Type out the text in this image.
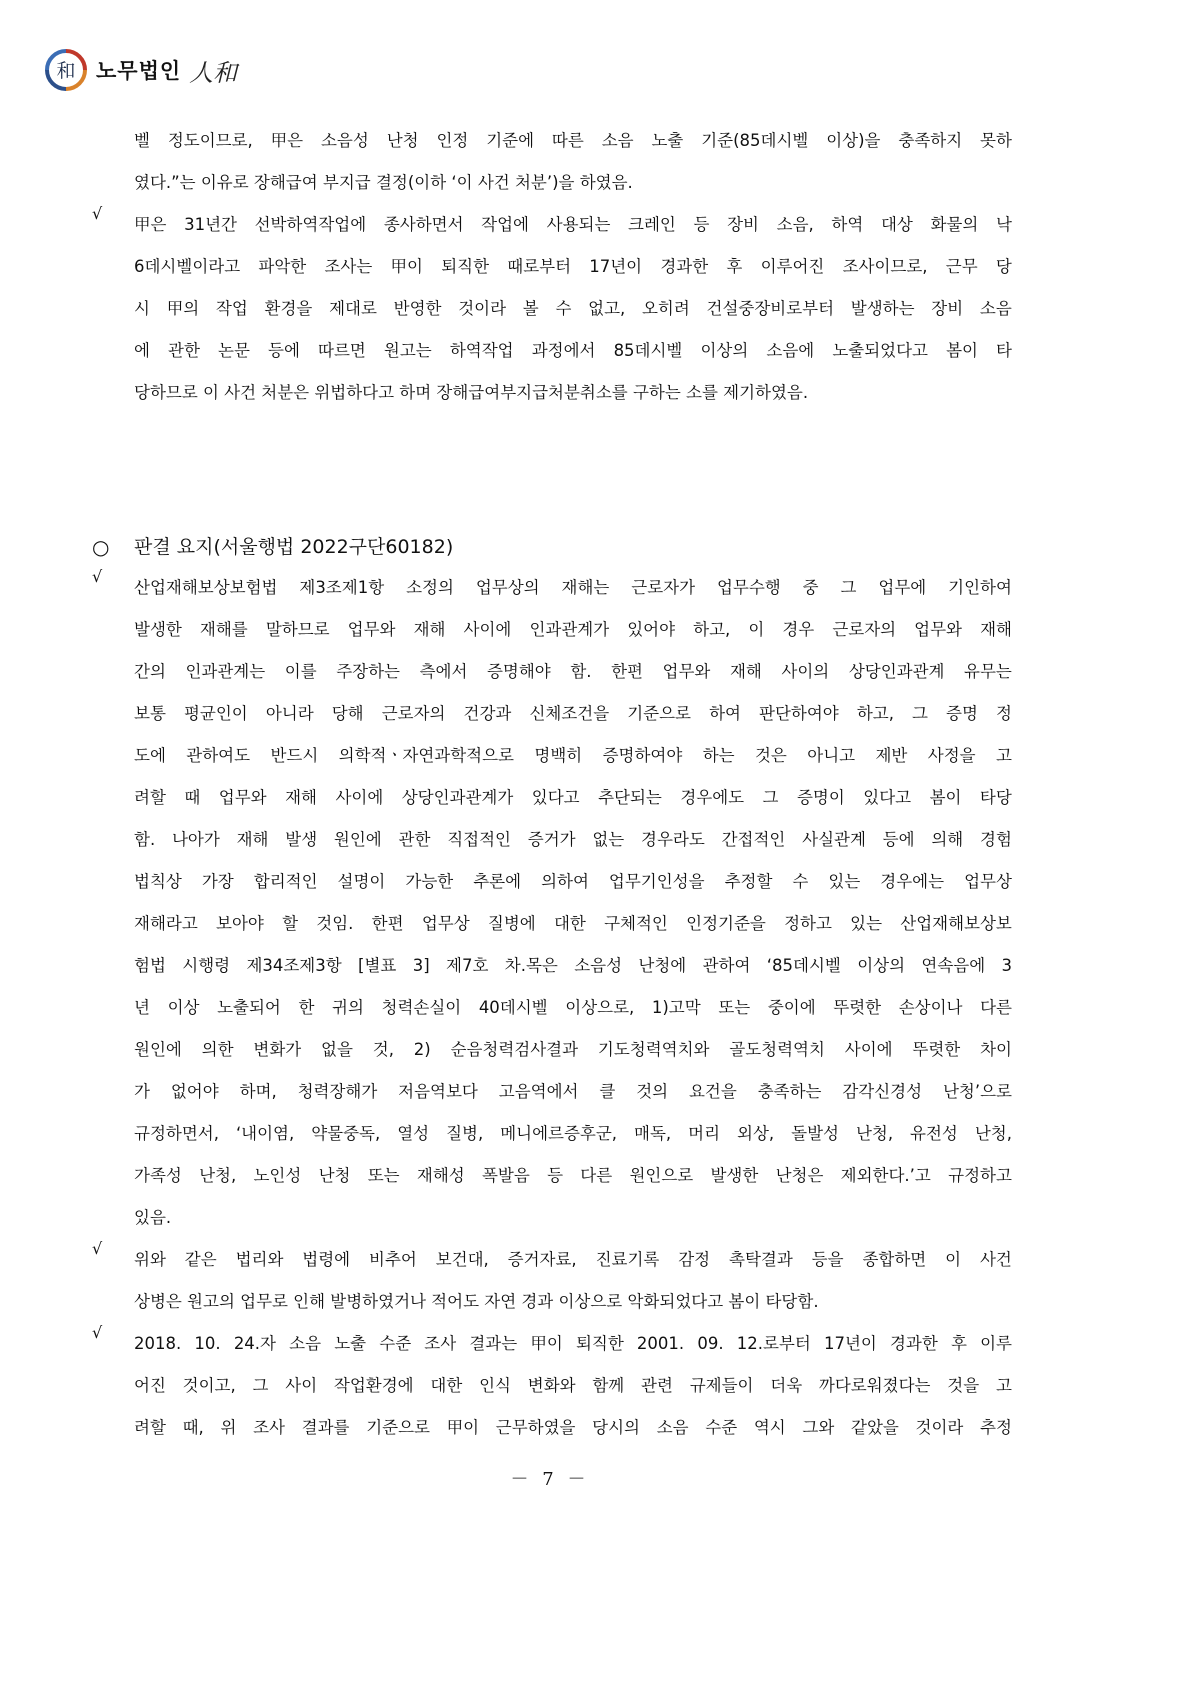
和 노무법인 人和
벨 정도이므로, 甲은 소음성 난청 인정 기준에 따른 소음 노출 기준(85데시벨 이상)을 충족하지 못하
였다.”는 이유로 장해급여 부지급 결정(이하 ‘이 사건 처분’)을 하였음.
√
甲은 31년간 선박하역작업에 종사하면서 작업에 사용되는 크레인 등 장비 소음, 하역 대상 화물의 낙
6데시벨이라고 파악한 조사는 甲이 퇴직한 때로부터 17년이 경과한 후 이루어진 조사이므로, 근무 당
시 甲의 작업 환경을 제대로 반영한 것이라 볼 수 없고, 오히려 건설중장비로부터 발생하는 장비 소음
에 관한 논문 등에 따르면 원고는 하역작업 과정에서 85데시벨 이상의 소음에 노출되었다고 봄이 타
당하므로 이 사건 처분은 위법하다고 하며 장해급여부지급처분취소를 구하는 소를 제기하였음.
○	판결 요지(서울행법 2022구단60182)
√
산업재해보상보험법 제3조제1항 소정의 업무상의 재해는 근로자가 업무수행 중 그 업무에 기인하여
발생한 재해를 말하므로 업무와 재해 사이에 인과관계가 있어야 하고, 이 경우 근로자의 업무와 재해
간의 인과관계는 이를 주장하는 측에서 증명해야 함. 한편 업무와 재해 사이의 상당인과관계 유무는
보통 평균인이 아니라 당해 근로자의 건강과 신체조건을 기준으로 하여 판단하여야 하고, 그 증명 정
도에 관하여도 반드시 의학적ㆍ자연과학적으로 명백히 증명하여야 하는 것은 아니고 제반 사정을 고
려할 때 업무와 재해 사이에 상당인과관계가 있다고 추단되는 경우에도 그 증명이 있다고 봄이 타당
함. 나아가 재해 발생 원인에 관한 직접적인 증거가 없는 경우라도 간접적인 사실관계 등에 의해 경험
법칙상 가장 합리적인 설명이 가능한 추론에 의하여 업무기인성을 추정할 수 있는 경우에는 업무상
재해라고 보아야 할 것임. 한편 업무상 질병에 대한 구체적인 인정기준을 정하고 있는 산업재해보상보
험법 시행령 제34조제3항 [별표 3] 제7호 차.목은 소음성 난청에 관하여 ‘85데시벨 이상의 연속음에 3
년 이상 노출되어 한 귀의 청력손실이 40데시벨 이상으로, 1)고막 또는 중이에 뚜렷한 손상이나 다른
원인에 의한 변화가 없을 것, 2) 순음청력검사결과 기도청력역치와 골도청력역치 사이에 뚜렷한 차이
가 없어야 하며, 청력장해가 저음역보다 고음역에서 클 것의 요건을 충족하는 감각신경성 난청’으로
규정하면서, ‘내이염, 약물중독, 열성 질병, 메니에르증후군, 매독, 머리 외상, 돌발성 난청, 유전성 난청,
가족성 난청, 노인성 난청 또는 재해성 폭발음 등 다른 원인으로 발생한 난청은 제외한다.’고 규정하고
있음.
√
위와 같은 법리와 법령에 비추어 보건대, 증거자료, 진료기록 감정 촉탁결과 등을 종합하면 이 사건
상병은 원고의 업무로 인해 발병하였거나 적어도 자연 경과 이상으로 악화되었다고 봄이 타당함.
√
2018. 10. 24.자 소음 노출 수준 조사 결과는 甲이 퇴직한 2001. 09. 12.로부터 17년이 경과한 후 이루
어진 것이고, 그 사이 작업환경에 대한 인식 변화와 함께 관련 규제들이 더욱 까다로워졌다는 것을 고
려할 때, 위 조사 결과를 기준으로 甲이 근무하였을 당시의 소음 수준 역시 그와 같았을 것이라 추정
－ 7 －
